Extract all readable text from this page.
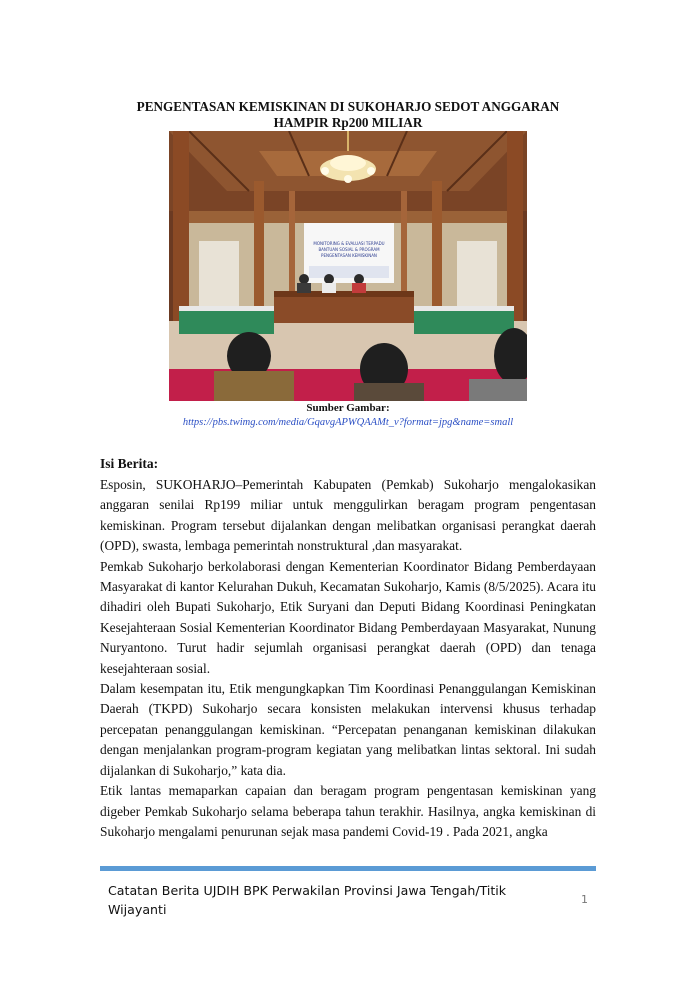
PENGENTASAN KEMISKINAN DI SUKOHARJO SEDOT ANGGARAN
HAMPIR Rp200 MILIAR
MONITORING & EVALUASI TERPADU
BANTUAN SOSIAL & PROGRAM
PENGENTASAN KEMISKINAN
Sumber Gambar:
https://pbs.twimg.com/media/GqavgAPWQAAMt_v?format=jpg&name=small
Isi Berita:

Esposin, SUKOHARJO–Pemerintah Kabupaten (Pemkab) Sukoharjo mengalokasikan anggaran senilai Rp199 miliar untuk menggulirkan beragam program pengentasan kemiskinan. Program tersebut dijalankan dengan melibatkan organisasi perangkat daerah (OPD), swasta, lembaga pemerintah nonstruktural ,dan masyarakat.

Pemkab Sukoharjo berkolaborasi dengan Kementerian Koordinator Bidang Pemberdayaan Masyarakat di kantor Kelurahan Dukuh, Kecamatan Sukoharjo, Kamis (8/5/2025). Acara itu dihadiri oleh Bupati Sukoharjo, Etik Suryani dan Deputi Bidang Koordinasi Peningkatan Kesejahteraan Sosial Kementerian Koordinator Bidang Pemberdayaan Masyarakat, Nunung Nuryantono. Turut hadir sejumlah organisasi perangkat daerah (OPD) dan tenaga kesejahteraan sosial.

Dalam kesempatan itu, Etik mengungkapkan Tim Koordinasi Penanggulangan Kemiskinan Daerah (TKPD) Sukoharjo secara konsisten melakukan intervensi khusus terhadap percepatan penanggulangan kemiskinan. “Percepatan penanganan kemiskinan dilakukan dengan menjalankan program-program kegiatan yang melibatkan lintas sektoral. Ini sudah dijalankan di Sukoharjo,” kata dia.

Etik lantas memaparkan capaian dan beragam program pengentasan kemiskinan yang digeber Pemkab Sukoharjo selama beberapa tahun terakhir. Hasilnya, angka kemiskinan di Sukoharjo mengalami penurunan sejak masa pandemi Covid-19 . Pada 2021, angka

Catatan Berita UJDIH BPK Perwakilan Provinsi Jawa Tengah/Titik Wijayanti
1
